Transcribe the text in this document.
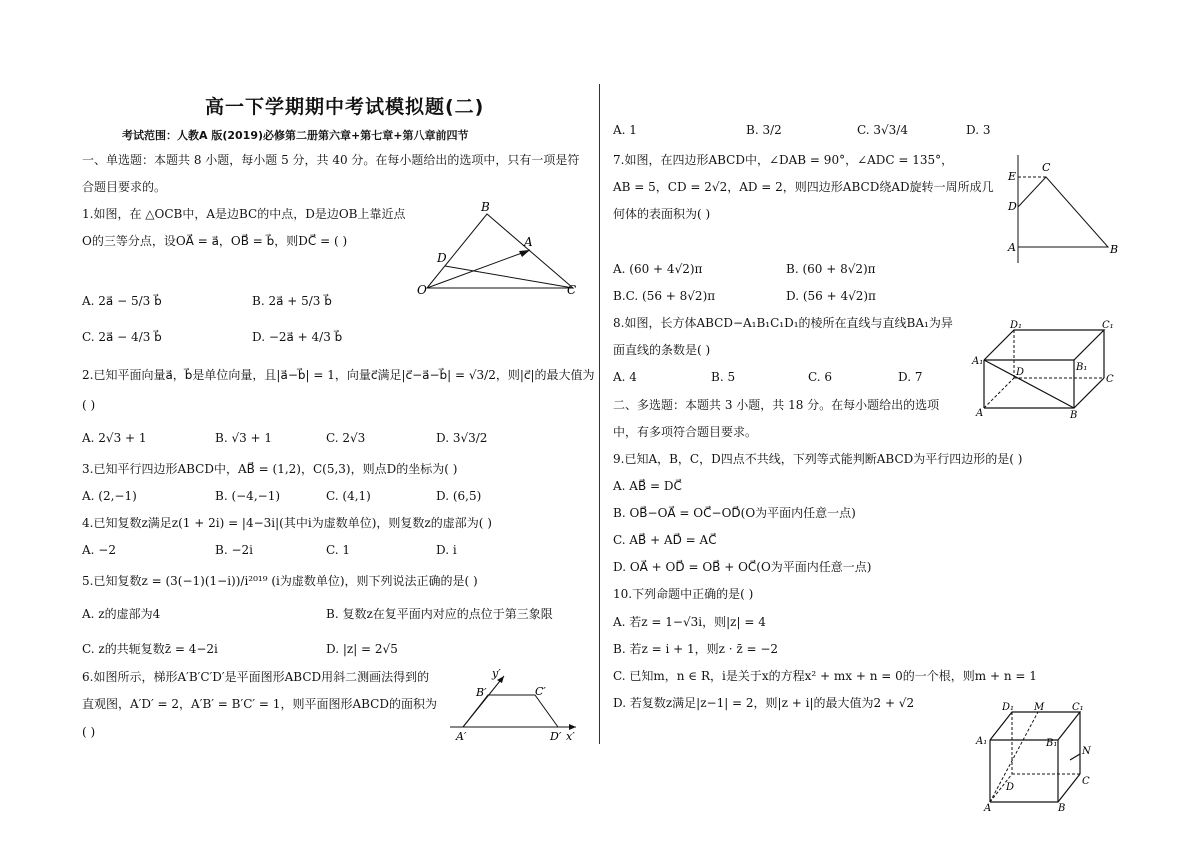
高一下学期期中考试模拟题(二)
考试范围：人教A 版(2019)必修第二册第六章+第七章+第八章前四节
一、单选题：本题共 8 小题，每小题 5 分，共 40 分。在每小题给出的选项中，只有一项是符
合题目要求的。
1.如图，在 △OCB中，A是边BC的中点，D是边OB上靠近点
O的三等分点，设OA⃗ = a⃗，OB⃗ = b⃗，则DC⃗ = ( )
B
A
D
O	C
A. 2a⃗ − 5/3 b⃗	B. 2a⃗ + 5/3 b⃗
C. 2a⃗ − 4/3 b⃗	D. −2a⃗ + 4/3 b⃗
2.已知平面向量a⃗，b⃗是单位向量，且|a⃗−b⃗| = 1，向量c⃗满足|c⃗−a⃗−b⃗| = √3/2，则|c⃗|的最大值为
( )
A. 2√3 + 1	B. √3 + 1	C. 2√3	D. 3√3/2
3.已知平行四边形ABCD中，AB⃗ = (1,2)，C(5,3)，则点D的坐标为( )
A. (2,−1)	B. (−4,−1)	C. (4,1)	D. (6,5)
4.已知复数z满足z(1 + 2i) = |4−3i|(其中i为虚数单位)，则复数z的虚部为( )
A. −2	B. −2i	C. 1	D. i
5.已知复数z = (3(−1)(1−i))/i²⁰¹⁹ (i为虚数单位)，则下列说法正确的是( )
A. z的虚部为4	B. 复数z在复平面内对应的点位于第三象限
C. z的共轭复数z̄ = 4−2i	D. |z| = 2√5
6.如图所示，梯形A′B′C′D′是平面图形ABCD用斜二测画法得到的
直观图，A′D′ = 2，A′B′ = B′C′ = 1，则平面图形ABCD的面积为
( )
y′
B′	C′
A′	D′ x′
A. 1	B. 3/2	C. 3√3/4	D. 3
7.如图，在四边形ABCD中，∠DAB = 90°，∠ADC = 135°，
AB = 5，CD = 2√2，AD = 2，则四边形ABCD绕AD旋转一周所成几
何体的表面积为( )
E
C
D
A	B
A. (60 + 4√2)π	B. (60 + 8√2)π
B.C. (56 + 8√2)π	D. (56 + 4√2)π
8.如图，长方体ABCD−A₁B₁C₁D₁的棱所在直线与直线BA₁为异
面直线的条数是( )
A. 4	B. 5	C. 6	D. 7
D₁	C₁
A₁
B₁
D
C
A	B
二、多选题：本题共 3 小题，共 18 分。在每小题给出的选项
中，有多项符合题目要求。
9.已知A，B，C，D四点不共线，下列等式能判断ABCD为平行四边形的是( )
A. AB⃗ = DC⃗
B. OB⃗−OA⃗ = OC⃗−OD⃗(O为平面内任意一点)
C. AB⃗ + AD⃗ = AC⃗
D. OA⃗ + OD⃗ = OB⃗ + OC⃗(O为平面内任意一点)
10.下列命题中正确的是( )
A. 若z = 1−√3i，则|z| = 4
B. 若z = i + 1，则z · z̄ = −2
C. 已知m，n ∈ R，i是关于x的方程x² + mx + n = 0的一个根，则m + n = 1
D. 若复数z满足|z−1| = 2，则|z + i|的最大值为2 + √2	D₁ M	C₁
A₁	B₁
N
D
C
A	B
